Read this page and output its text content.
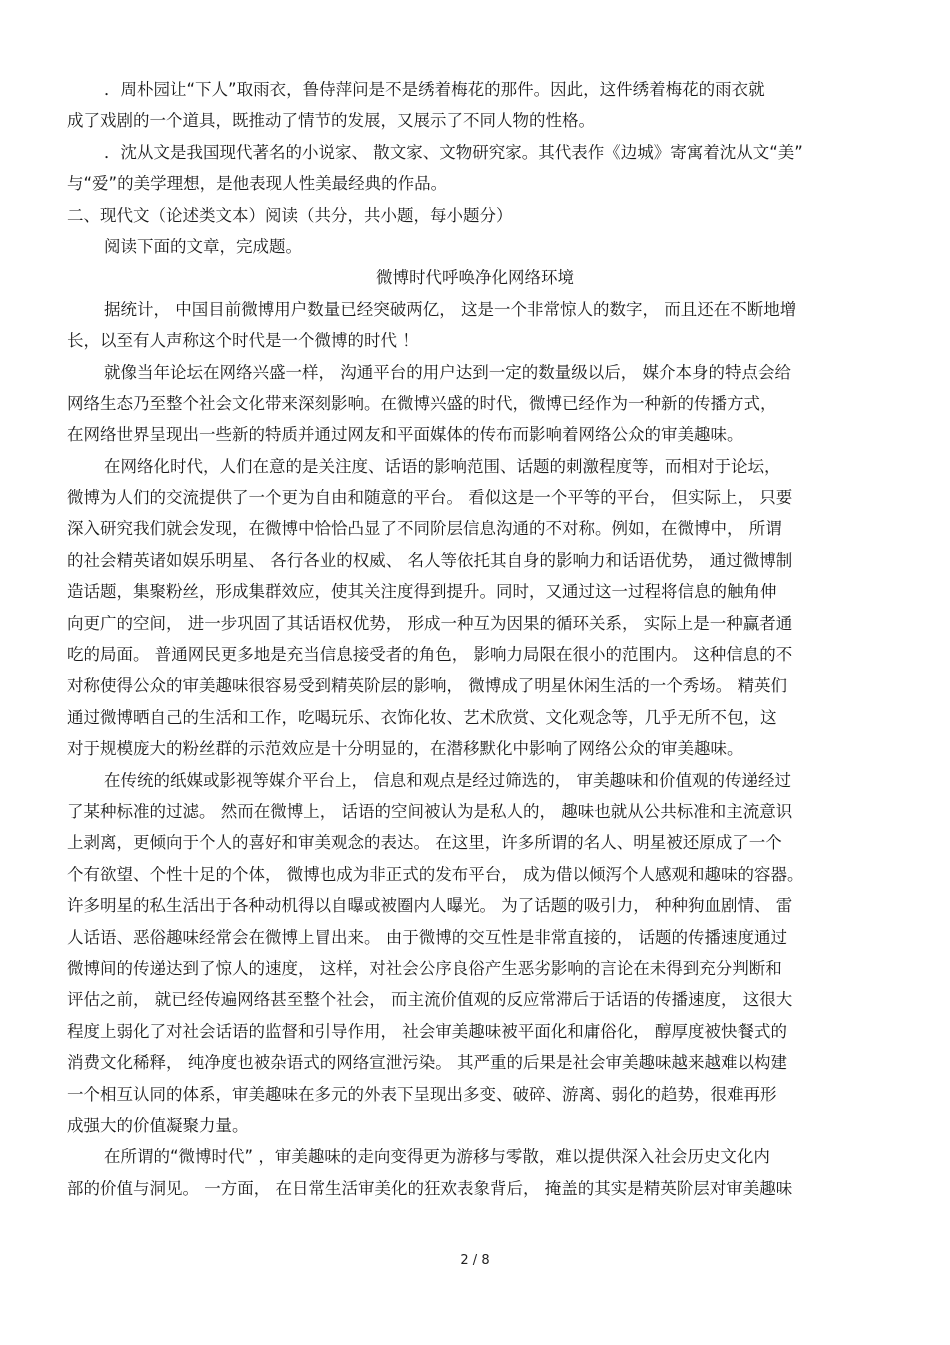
．周朴园让“下人”取雨衣，鲁侍萍问是不是绣着梅花的那件。因此，这件绣着梅花的雨衣就
成了戏剧的一个道具，既推动了情节的发展，又展示了不同人物的性格。
．沈从文是我国现代著名的小说家、 散文家、文物研究家。其代表作《边城》寄寓着沈从文“美”
与“爱”的美学理想，是他表现人性美最经典的作品。
二、现代文（论述类文本）阅读（共分，共小题，每小题分）
阅读下面的文章，完成题。
微博时代呼唤净化网络环境
据统计， 中国目前微博用户数量已经突破两亿， 这是一个非常惊人的数字， 而且还在不断地增
长，以至有人声称这个时代是一个微博的时代 ！
就像当年论坛在网络兴盛一样， 沟通平台的用户达到一定的数量级以后， 媒介本身的特点会给
网络生态乃至整个社会文化带来深刻影响。在微博兴盛的时代，微博已经作为一种新的传播方式，
在网络世界呈现出一些新的特质并通过网友和平面媒体的传布而影响着网络公众的审美趣味。
在网络化时代，人们在意的是关注度、话语的影响范围、话题的刺激程度等，而相对于论坛，
微博为人们的交流提供了一个更为自由和随意的平台。 看似这是一个平等的平台， 但实际上， 只要
深入研究我们就会发现，在微博中恰恰凸显了不同阶层信息沟通的不对称。例如，在微博中， 所谓
的社会精英诸如娱乐明星、 各行各业的权威、 名人等依托其自身的影响力和话语优势， 通过微博制
造话题，集聚粉丝，形成集群效应，使其关注度得到提升。同时，又通过这一过程将信息的触角伸
向更广的空间， 进一步巩固了其话语权优势， 形成一种互为因果的循环关系， 实际上是一种赢者通
吃的局面。 普通网民更多地是充当信息接受者的角色， 影响力局限在很小的范围内。 这种信息的不
对称使得公众的审美趣味很容易受到精英阶层的影响， 微博成了明星休闲生活的一个秀场。 精英们
通过微博晒自己的生活和工作，吃喝玩乐、衣饰化妆、艺术欣赏、文化观念等，几乎无所不包，这
对于规模庞大的粉丝群的示范效应是十分明显的，在潜移默化中影响了网络公众的审美趣味。
在传统的纸媒或影视等媒介平台上， 信息和观点是经过筛选的， 审美趣味和价值观的传递经过
了某种标准的过滤。 然而在微博上， 话语的空间被认为是私人的， 趣味也就从公共标准和主流意识
上剥离，更倾向于个人的喜好和审美观念的表达。 在这里，许多所谓的名人、明星被还原成了一个
个有欲望、个性十足的个体， 微博也成为非正式的发布平台， 成为借以倾泻个人感观和趣味的容器。
许多明星的私生活出于各种动机得以自曝或被圈内人曝光。 为了话题的吸引力， 种种狗血剧情、 雷
人话语、恶俗趣味经常会在微博上冒出来。 由于微博的交互性是非常直接的， 话题的传播速度通过
微博间的传递达到了惊人的速度， 这样，对社会公序良俗产生恶劣影响的言论在未得到充分判断和
评估之前， 就已经传遍网络甚至整个社会， 而主流价值观的反应常滞后于话语的传播速度， 这很大
程度上弱化了对社会话语的监督和引导作用， 社会审美趣味被平面化和庸俗化， 醇厚度被快餐式的
消费文化稀释， 纯净度也被杂语式的网络宣泄污染。 其严重的后果是社会审美趣味越来越难以构建
一个相互认同的体系，审美趣味在多元的外表下呈现出多变、破碎、游离、弱化的趋势，很难再形
成强大的价值凝聚力量。
在所谓的“微博时代” ，审美趣味的走向变得更为游移与零散，难以提供深入社会历史文化内
部的价值与洞见。 一方面， 在日常生活审美化的狂欢表象背后， 掩盖的其实是精英阶层对审美趣味
2 / 8
